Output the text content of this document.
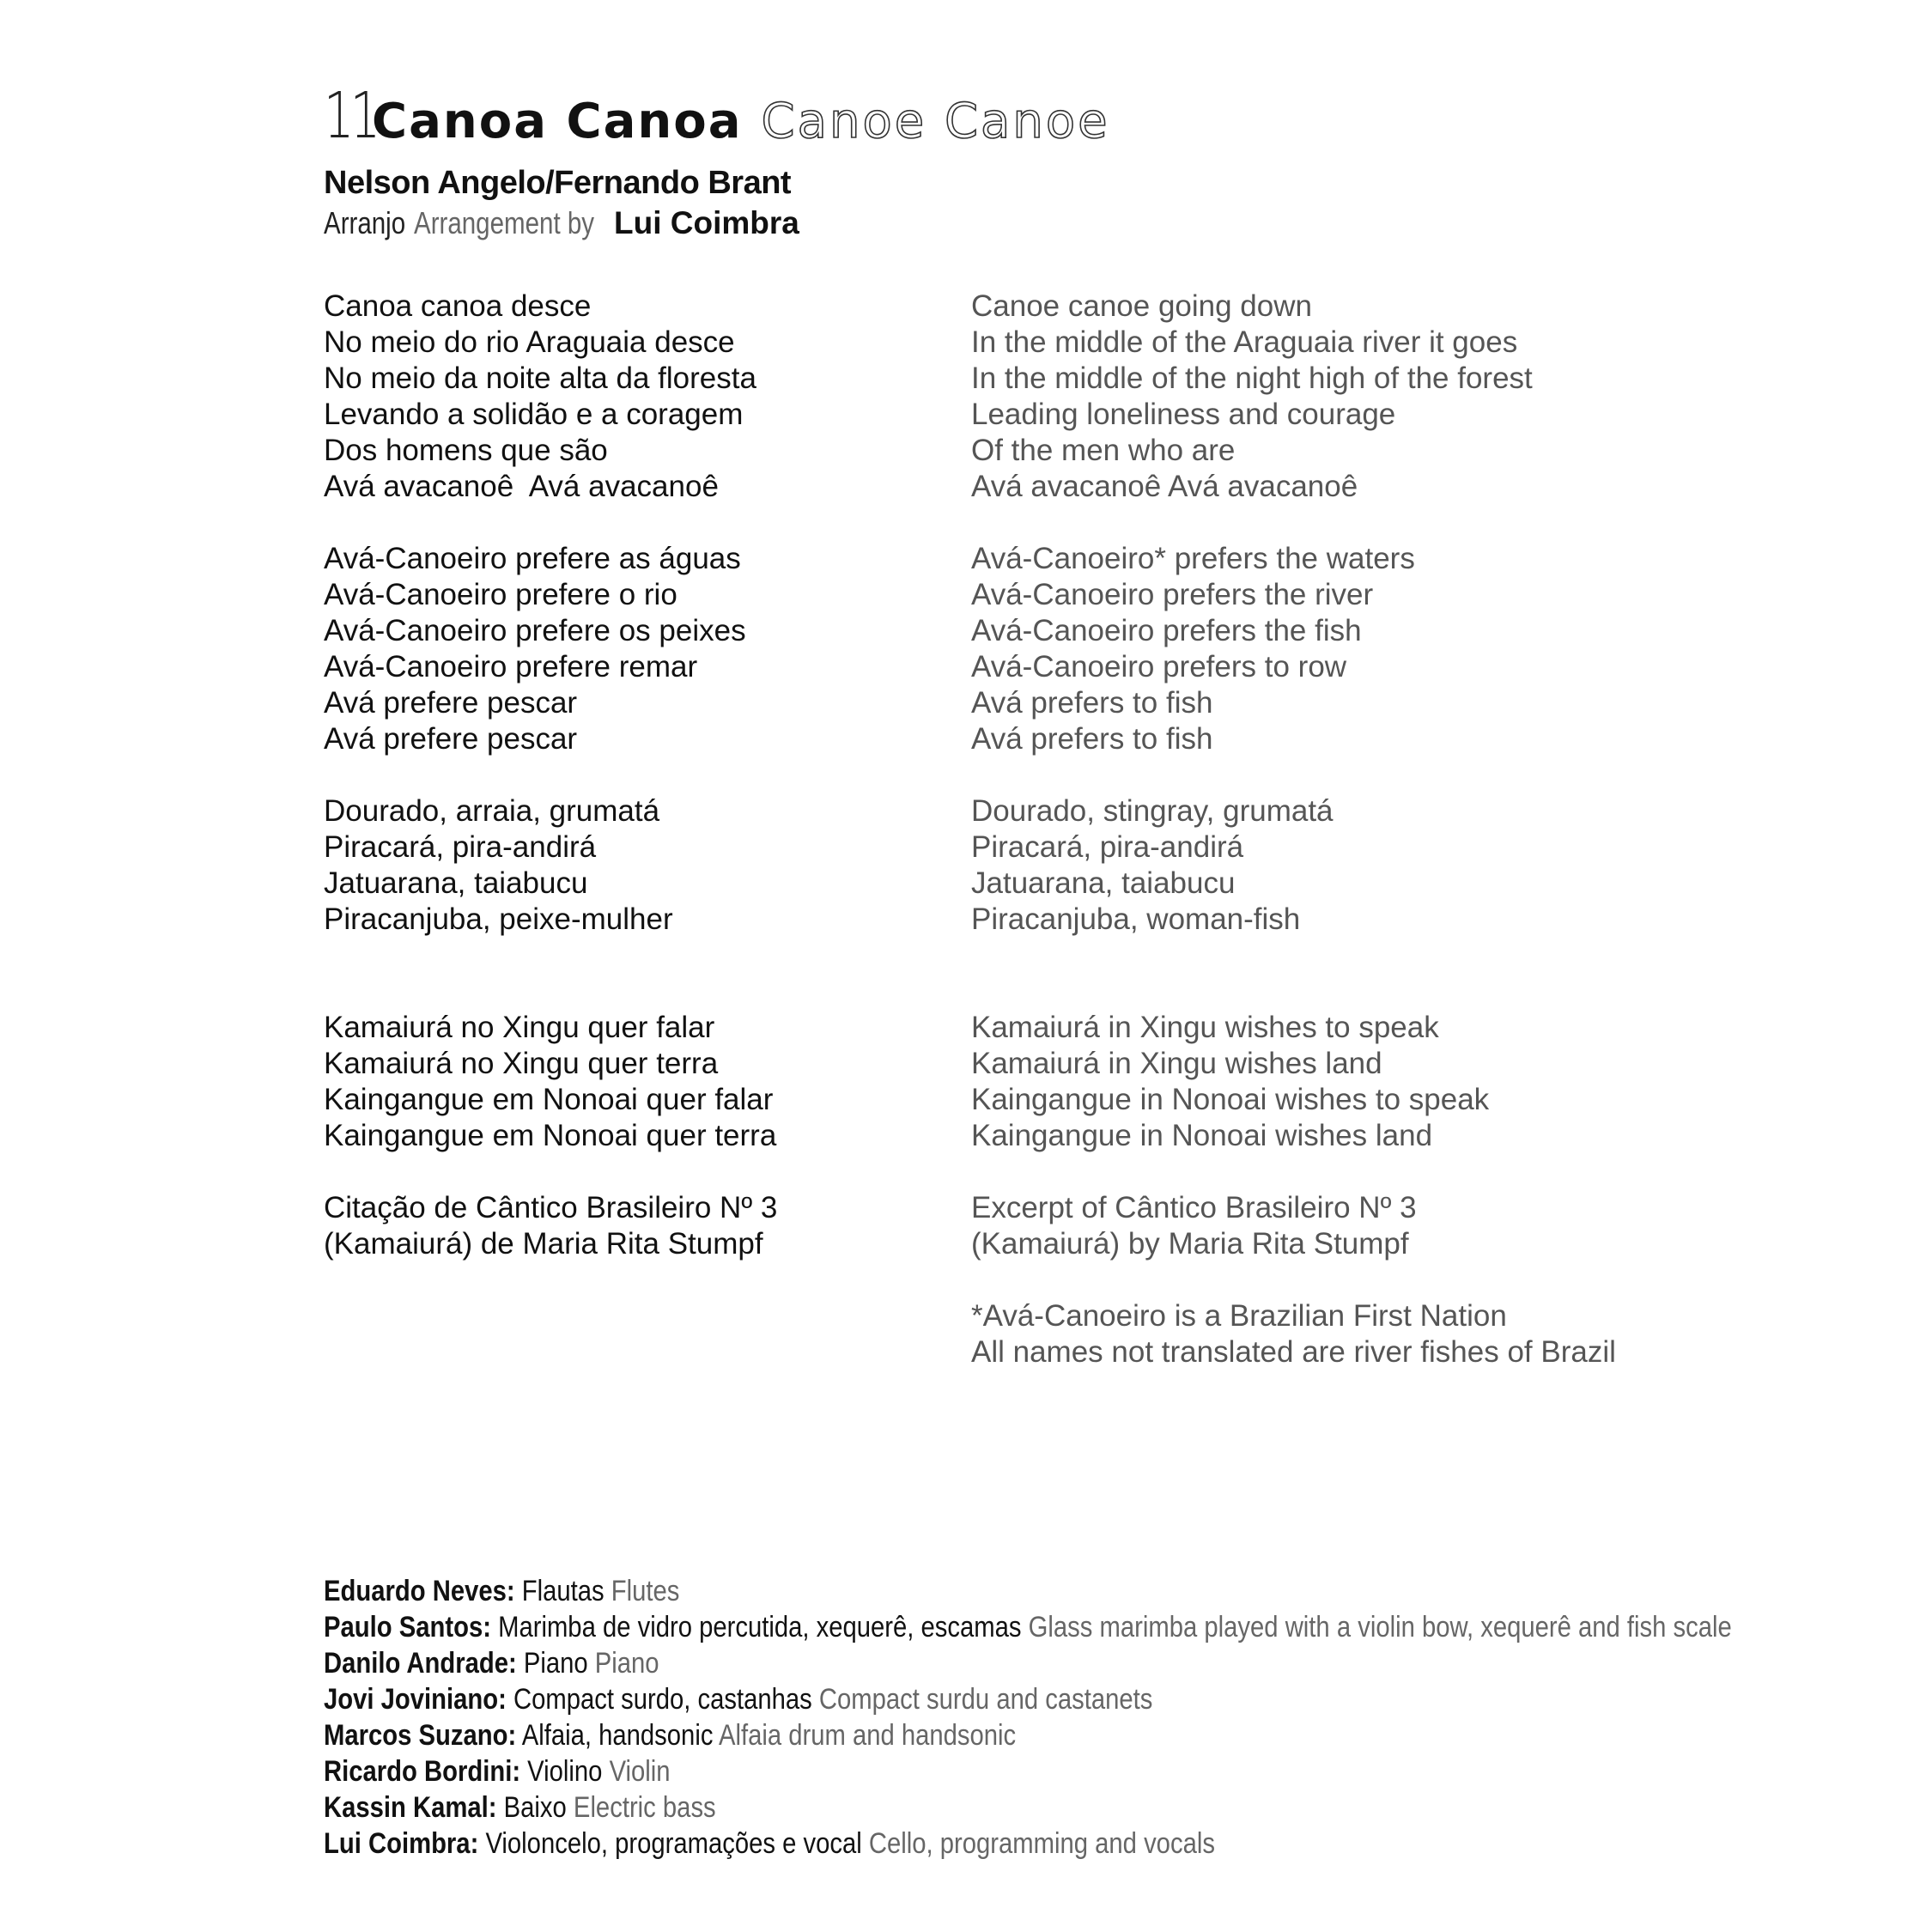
11
Canoa Canoa Canoe Canoe
Nelson Angelo/Fernando Brant
Arranjo Arrangement by Lui Coimbra
Canoa canoa desce
No meio do rio Araguaia desce
No meio da noite alta da floresta
Levando a solidão e a coragem
Dos homens que são
Avá avacanoê  Avá avacanoê
Avá-Canoeiro prefere as águas
Avá-Canoeiro prefere o rio
Avá-Canoeiro prefere os peixes
Avá-Canoeiro prefere remar
Avá prefere pescar
Avá prefere pescar
Dourado, arraia, grumatá
Piracará, pira-andirá
Jatuarana, taiabucu
Piracanjuba, peixe-mulher
Kamaiurá no Xingu quer falar
Kamaiurá no Xingu quer terra
Kaingangue em Nonoai quer falar
Kaingangue em Nonoai quer terra
Citação de Cântico Brasileiro Nº 3
(Kamaiurá) de Maria Rita Stumpf
Canoe canoe going down
In the middle of the Araguaia river it goes
In the middle of the night high of the forest
Leading loneliness and courage
Of the men who are
Avá avacanoê Avá avacanoê
Avá-Canoeiro* prefers the waters
Avá-Canoeiro prefers the river
Avá-Canoeiro prefers the fish
Avá-Canoeiro prefers to row
Avá prefers to fish
Avá prefers to fish
Dourado, stingray, grumatá
Piracará, pira-andirá
Jatuarana, taiabucu
Piracanjuba, woman-fish
Kamaiurá in Xingu wishes to speak
Kamaiurá in Xingu wishes land
Kaingangue in Nonoai wishes to speak
Kaingangue in Nonoai wishes land
Excerpt of Cântico Brasileiro Nº 3
(Kamaiurá) by Maria Rita Stumpf
*Avá-Canoeiro is a Brazilian First Nation
All names not translated are river fishes of Brazil
Eduardo Neves: Flautas Flutes
Paulo Santos: Marimba de vidro percutida, xequerê, escamas Glass marimba played with a violin bow, xequerê and fish scale
Danilo Andrade: Piano Piano
Jovi Joviniano: Compact surdo, castanhas Compact surdu and castanets
Marcos Suzano: Alfaia, handsonic Alfaia drum and handsonic
Ricardo Bordini: Violino Violin
Kassin Kamal: Baixo Electric bass
Lui Coimbra: Violoncelo, programações e vocal Cello, programming and vocals
